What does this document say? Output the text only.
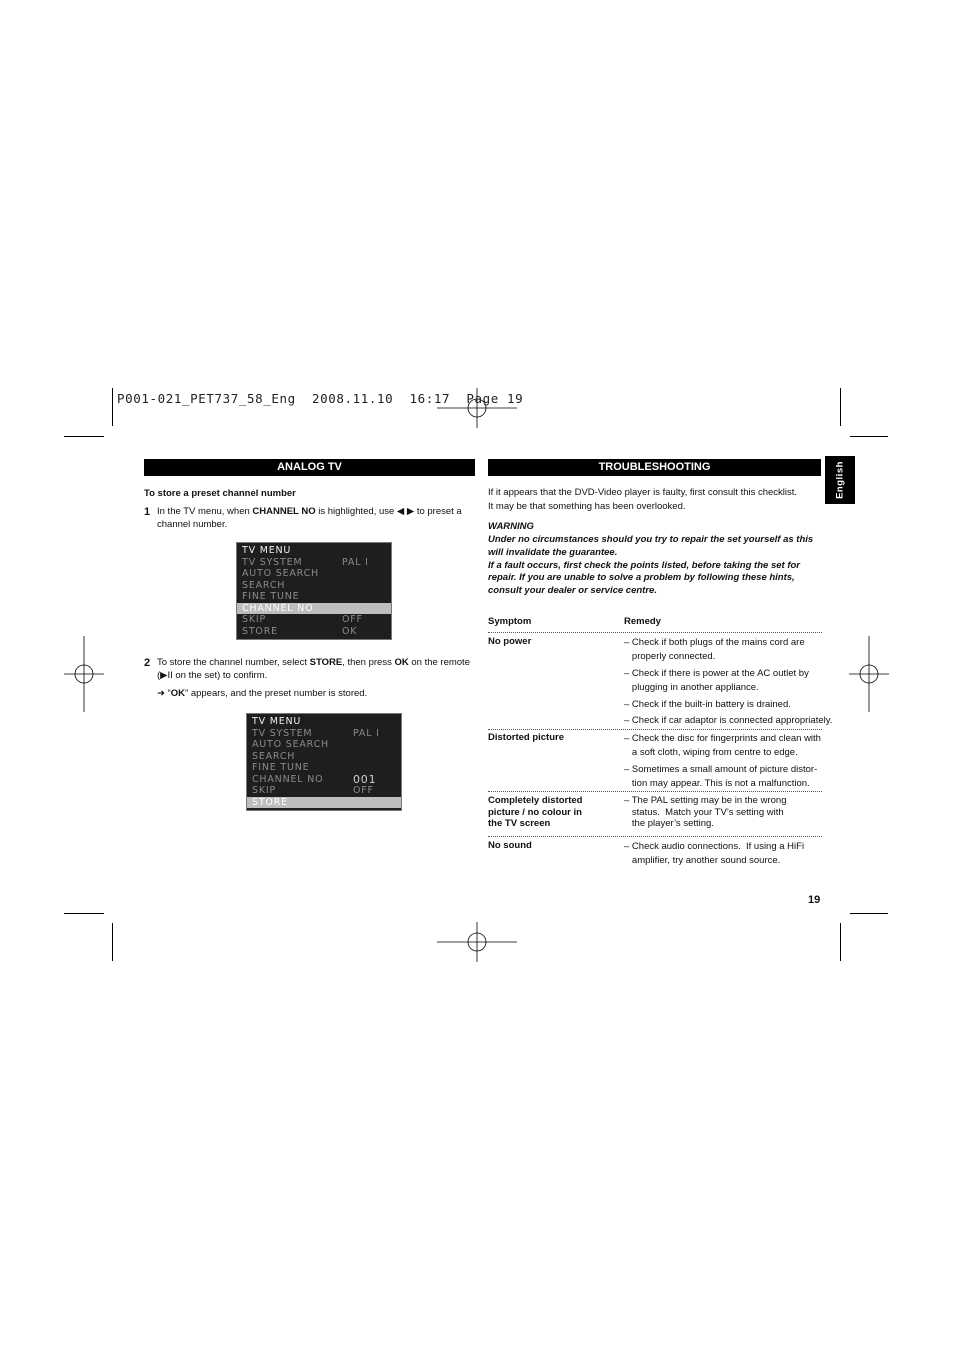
P001-021_PET737_58_Eng  2008.11.10  16:17  Page 19
ANALOG TV
To store a preset channel number
1 In the TV menu, when CHANNEL NO is highlighted, use ◀ ▶ to preset a
channel number.
TV MENU
TV SYSTEM	PAL I
AUTO SEARCH
SEARCH
FINE TUNE
CHANNEL NO
SKIP	OFF
STORE	OK
2 To store the channel number, select STORE, then press OK on the remote
(▶II on the set) to confirm.
➜ “OK” appears, and the preset number is stored.
TV MENU
TV SYSTEM	PAL I
AUTO SEARCH
SEARCH
FINE TUNE
CHANNEL NO	001
SKIP	OFF
STORE
TROUBLESHOOTING	English
If it appears that the DVD-Video player is faulty, first consult this checklist.
It may be that something has been overlooked.
WARNING
Under no circumstances should you try to repair the set yourself as this
will invalidate the guarantee.
If a fault occurs, first check the points listed, before taking the set for
repair. If you are unable to solve a problem by following these hints,
consult your dealer or service centre.
Symptom	Remedy
No power	– Check if both plugs of the mains cord are
properly connected.
– Check if there is power at the AC outlet by
plugging in another appliance.
– Check if the built-in battery is drained.
– Check if car adaptor is connected appropriately.
Distorted picture	– Check the disc for fingerprints and clean with
a soft cloth, wiping from centre to edge.
– Sometimes a small amount of picture distor-
tion may appear. This is not a malfunction.
Completely distorted
picture / no colour in
the TV screen
– The PAL setting may be in the wrong
status.  Match your TV’s setting with
the player’s setting.
No sound	– Check audio connections.  If using a HiFi
amplifier, try another sound source.
19
